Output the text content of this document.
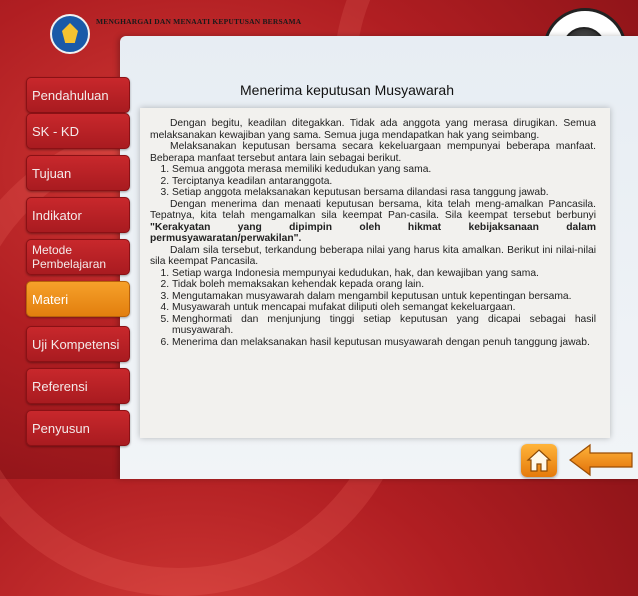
MENGHARGAI DAN MENAATI KEPUTUSAN BERSAMA
Pendahuluan
SK - KD
Tujuan
Indikator
Metode Pembelajaran
Materi
Uji Kompetensi
Referensi
Penyusun
Menerima keputusan Musyawarah

Dengan begitu, keadilan ditegakkan. Tidak ada anggota yang merasa dirugikan. Semua melaksanakan kewajiban yang sama. Semua juga mendapatkan hak yang seimbang.

Melaksanakan keputusan bersama secara kekeluargaan mempunyai beberapa manfaat. Beberapa manfaat tersebut antara lain sebagai berikut.

1. Semua anggota merasa memiliki kedudukan yang sama.
2. Terciptanya keadilan antaranggota.
3. Setiap anggota melaksanakan keputusan bersama dilandasi rasa tanggung jawab.

Dengan menerima dan menaati keputusan bersama, kita telah meng-amalkan Pancasila. Tepatnya, kita telah mengamalkan sila keempat Pan-casila. Sila keempat tersebut berbunyi "Kerakyatan yang dipimpin oleh hikmat kebijaksanaan dalam permusyawaratan/perwakilan".

Dalam sila tersebut, terkandung beberapa nilai yang harus kita amalkan. Berikut ini nilai-nilai sila keempat Pancasila.

1. Setiap warga Indonesia mempunyai kedudukan, hak, dan kewajiban yang sama.
2. Tidak boleh memaksakan kehendak kepada orang lain.
3. Mengutamakan musyawarah dalam mengambil keputusan untuk kepentingan bersama.
4. Musyawarah untuk mencapai mufakat diliputi oleh semangat kekeluargaan.
5. Menghormati dan menjunjung tinggi setiap keputusan yang dicapai sebagai hasil musyawarah.
6. Menerima dan melaksanakan hasil keputusan musyawarah dengan penuh tanggung jawab.
